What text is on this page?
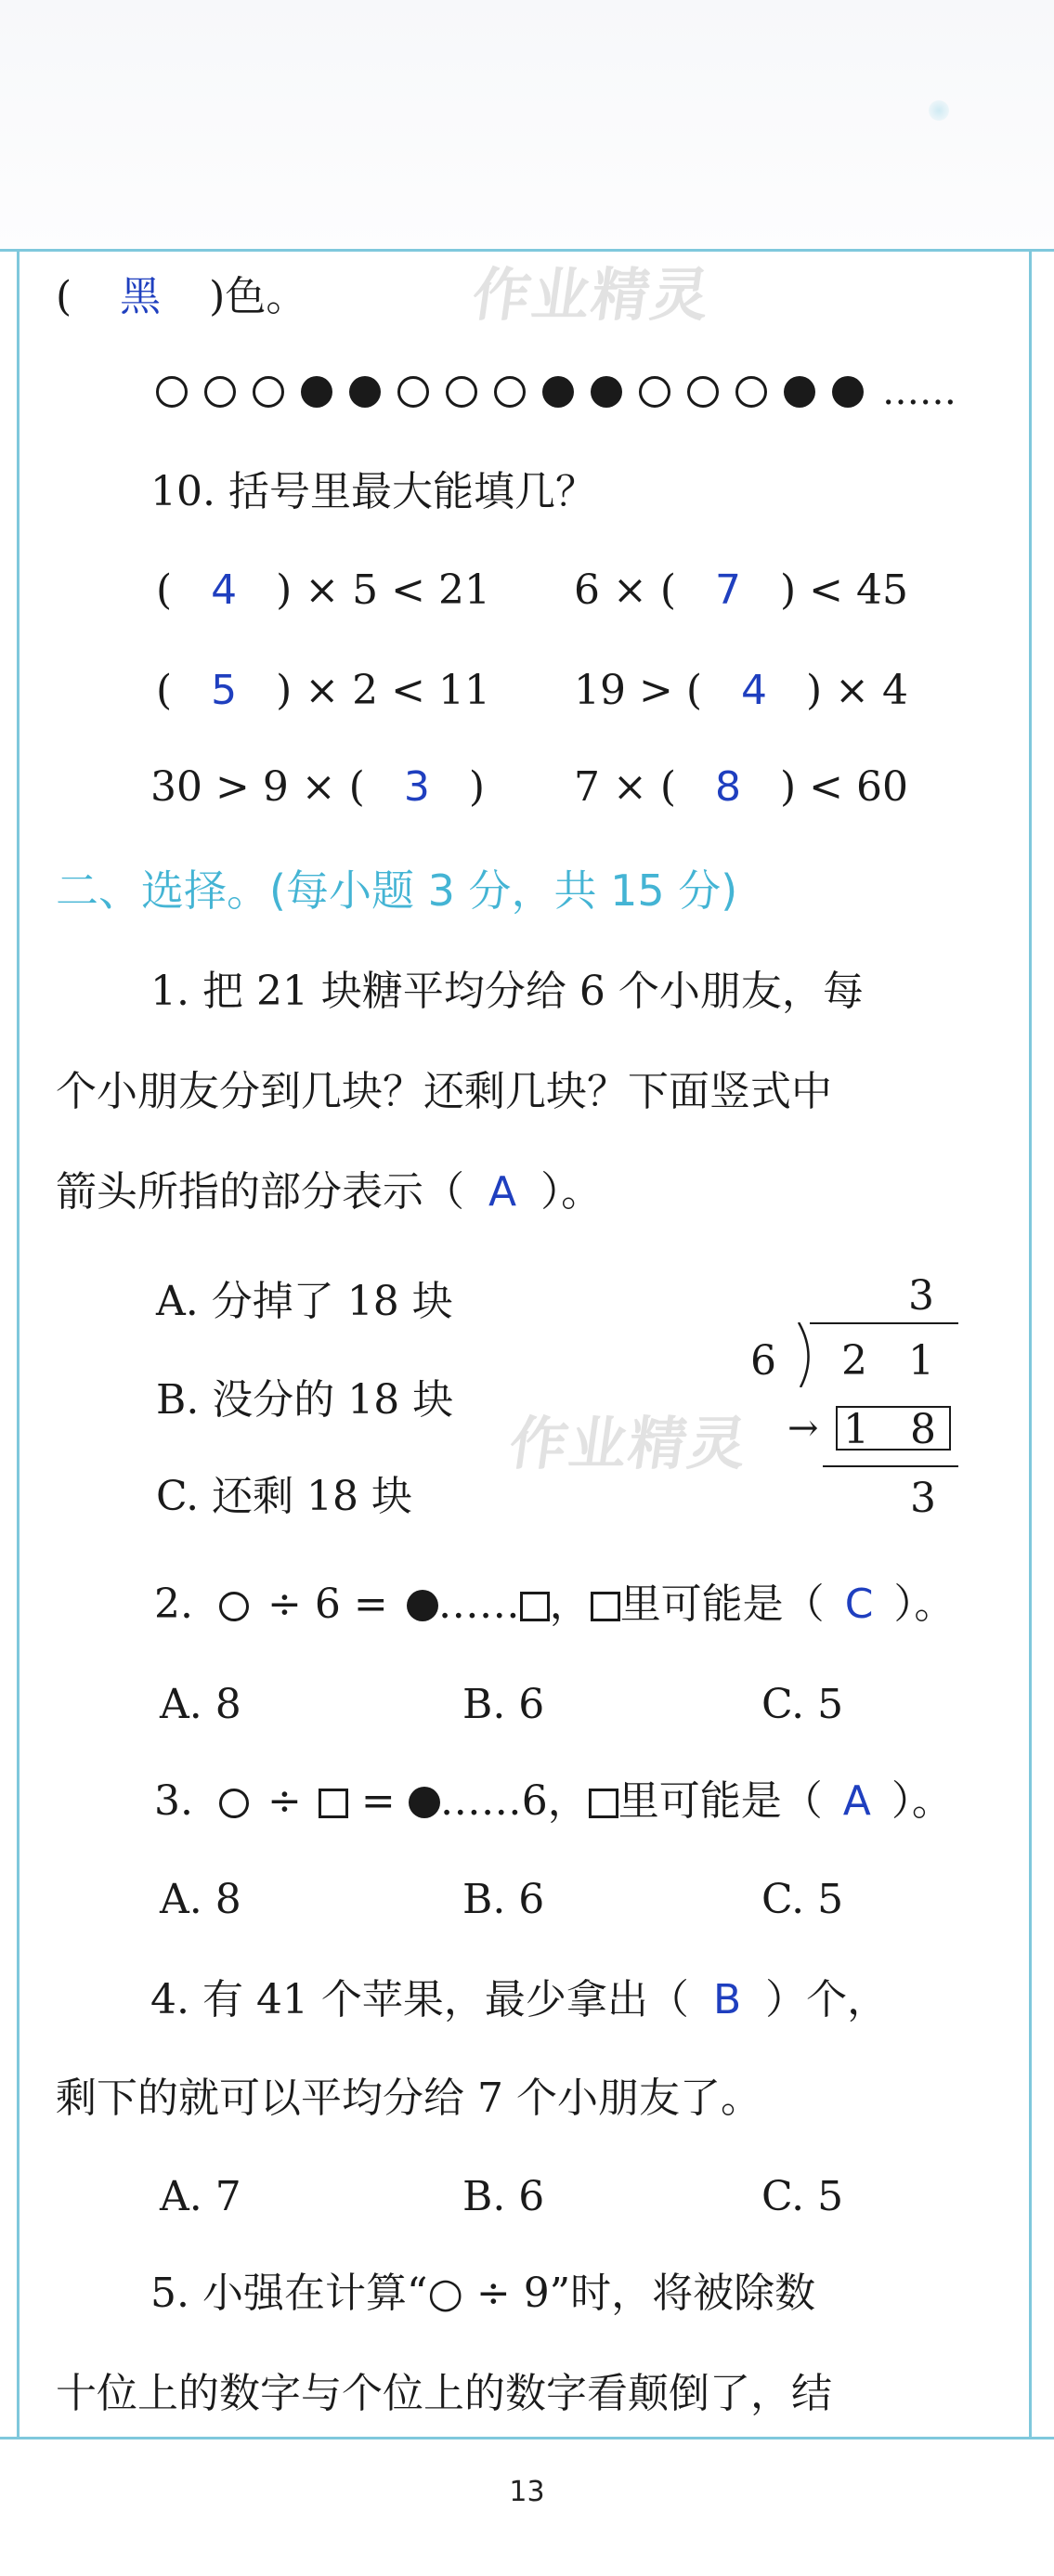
作业精灵
作业精灵
( 黑 )色。
……
10. 括号里最大能填几？
( 4 ) × 5 < 21 6 × ( 7 ) < 45
( 5 ) × 2 < 11 19 > ( 4 ) × 4
30 > 9 × ( 3 ) 7 × ( 8 ) < 60
二、选择。(每小题 3 分，共 15 分)
1. 把 21 块糖平均分给 6 个小朋友，每
个小朋友分到几块？还剩几块？下面竖式中
箭头所指的部分表示（ A ）。
A. 分掉了 18 块
B. 没分的 18 块
C. 还剩 18 块
3
6 2 1
→ 1 8
3
2. ÷ 6 = …… ， 里可能是（ C ）。
A. 8	B. 6	C. 5
3. ÷ = ……6， 里可能是（ A ）。
A. 8	B. 6	C. 5
4. 有 41 个苹果，最少拿出（ B ）个，
剩下的就可以平均分给 7 个小朋友了。
A. 7	B. 6	C. 5
5. 小强在计算“○ ÷ 9”时，将被除数
十位上的数字与个位上的数字看颠倒了，结
13
